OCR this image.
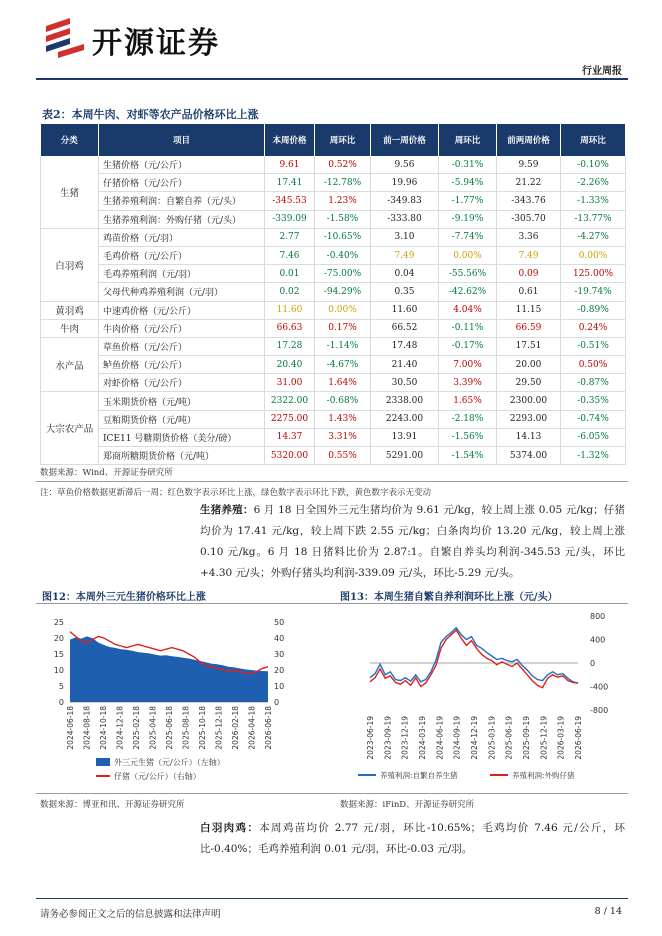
开源证券
行业周报
表2：本周牛肉、对虾等农产品价格环比上涨
分类	项目	本周价格	周环比	前一周价格	周环比	前两周价格	周环比
生猪	生猪价格（元/公斤）	9.61	0.52%	9.56	-0.31%	9.59	-0.10%
	仔猪价格（元/公斤）	17.41	-12.78%	19.96	-5.94%	21.22	-2.26%
	生猪养殖利润：自繁自养（元/头）	-345.53	1.23%	-349.83	-1.77%	-343.76	-1.33%
	生猪养殖利润：外购仔猪（元/头）	-339.09	-1.58%	-333.80	-9.19%	-305.70	-13.77%
白羽鸡	鸡苗价格（元/羽）	2.77	-10.65%	3.10	-7.74%	3.36	-4.27%
	毛鸡价格（元/公斤）	7.46	-0.40%	7.49	0.00%	7.49	0.00%
	毛鸡养殖利润（元/羽）	0.01	-75.00%	0.04	-55.56%	0.09	125.00%
	父母代种鸡养殖利润（元/羽）	0.02	-94.29%	0.35	-42.62%	0.61	-19.74%
黄羽鸡	中速鸡价格（元/公斤）	11.60	0.00%	11.60	4.04%	11.15	-0.89%
牛肉	牛肉价格（元/公斤）	66.63	0.17%	66.52	-0.11%	66.59	0.24%
水产品	草鱼价格（元/公斤）	17.28	-1.14%	17.48	-0.17%	17.51	-0.51%
	鲈鱼价格（元/公斤）	20.40	-4.67%	21.40	7.00%	20.00	0.50%
	对虾价格（元/公斤）	31.00	1.64%	30.50	3.39%	29.50	-0.87%
大宗农产品	玉米期货价格（元/吨）	2322.00	-0.68%	2338.00	1.65%	2300.00	-0.35%
	豆粕期货价格（元/吨）	2275.00	1.43%	2243.00	-2.18%	2293.00	-0.74%
	ICE11 号糖期货价格（美分/磅）	14.37	3.31%	13.91	-1.56%	14.13	-6.05%
	郑商所糖期货价格（元/吨）	5320.00	0.55%	5291.00	-1.54%	5374.00	-1.32%
数据来源：Wind、开源证券研究所
注：草鱼价格数据更新滞后一周；红色数字表示环比上涨，绿色数字表示环比下跌，黄色数字表示无变动
生猪养殖：6 月 18 日全国外三元生猪均价为 9.61 元/kg，较上周上涨 0.05 元/kg；仔猪均价为 17.41 元/kg，较上周下跌 2.55 元/kg；白条肉均价 13.20 元/kg，较上周上涨 0.10 元/kg。6 月 18 日猪料比价为 2.87:1。自繁自养头均利润-345.53 元/头，环比+4.30 元/头；外购仔猪头均利润-339.09 元/头，环比-5.29 元/头。
图12：本周外三元生猪价格环比上涨	图13：本周生猪自繁自养利润环比上涨（元/头）
25
20
15
10
5
0
50
40
30
20
10
0
2024-06-18 2024-08-18 2024-10-18 2024-12-18 2025-02-18 2025-04-18 2025-06-18 2025-08-18 2025-10-18 2025-12-18 2026-02-18 2026-04-18 2026-06-18
外三元生猪（元/公斤）（左轴）
仔猪（元/公斤）（右轴）
800
400
0
-400
-800
2023-06-19 2023-09-19 2023-12-19 2024-03-19 2024-06-19 2024-09-19 2024-12-19 2025-03-19 2025-06-19 2025-09-19 2025-12-19 2026-03-19 2026-06-19
养殖利润:自繁自养生猪	养殖利润:外购仔猪
数据来源：博亚和讯、开源证券研究所	数据来源：iFinD、开源证券研究所
白羽肉鸡：本周鸡苗均价 2.77 元/羽，环比-10.65%；毛鸡均价 7.46 元/公斤，环比-0.40%；毛鸡养殖利润 0.01 元/羽，环比-0.03 元/羽。
请务必参阅正文之后的信息披露和法律声明	8 / 14
